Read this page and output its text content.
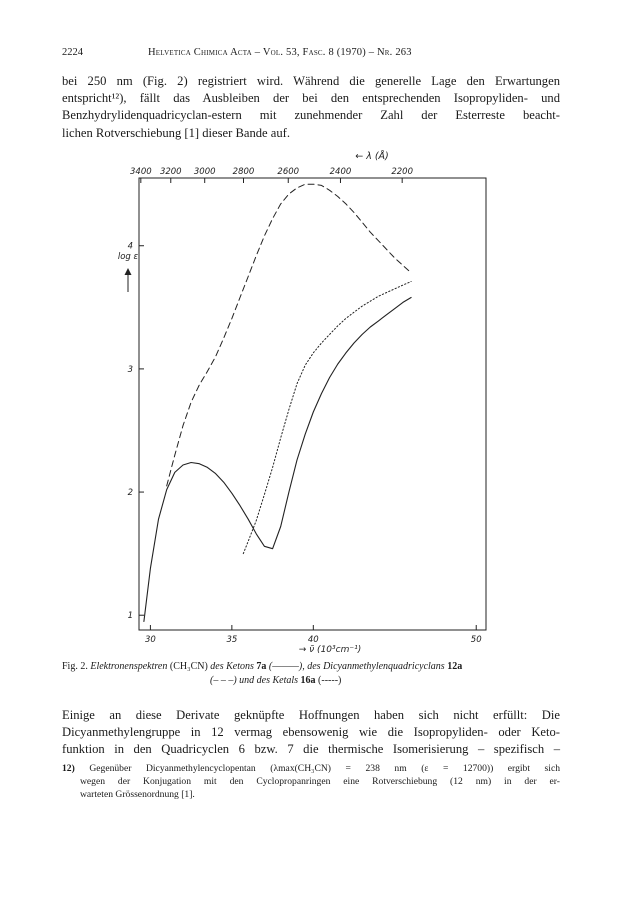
2224	Helvetica Chimica Acta – Vol. 53, Fasc. 8 (1970) – Nr. 263
bei 250 nm (Fig. 2) registriert wird. Während die generelle Lage den Erwartungen
entspricht¹²), fällt das Ausbleiben der bei den entsprechenden Isopropyliden- und
Benzhydrylidenquadricyclan-estern mit zunehmender Zahl der Esterreste beacht-
lichen Rotverschiebung [1] dieser Bande auf.
3400 3200 3000 2800	2600	2400	2200
← λ (Å)
30	35	40	50
→ ν̃ (10³cm⁻¹)
1
2
3
4
log ε
Fig. 2. Elektronenspektren (CH₃CN) des Ketons 7a (———), des Dicyanmethylenquadricyclans 12a
(– – –) und des Ketals 16a (-----)
Einige an diese Derivate geknüpfte Hoffnungen haben sich nicht erfüllt: Die
Dicyanmethylengruppe in 12 vermag ebensowenig wie die Isopropyliden- oder Keto-
funktion in den Quadricyclen 6 bzw. 7 die thermische Isomerisierung – spezifisch –
12) Gegenüber Dicyanmethylencyclopentan (λmax(CH₃CN) = 238 nm (ε = 12700)) ergibt sich
wegen der Konjugation mit den Cyclopropanringen eine Rotverschiebung (12 nm) in der er-
warteten Grössenordnung [1].
